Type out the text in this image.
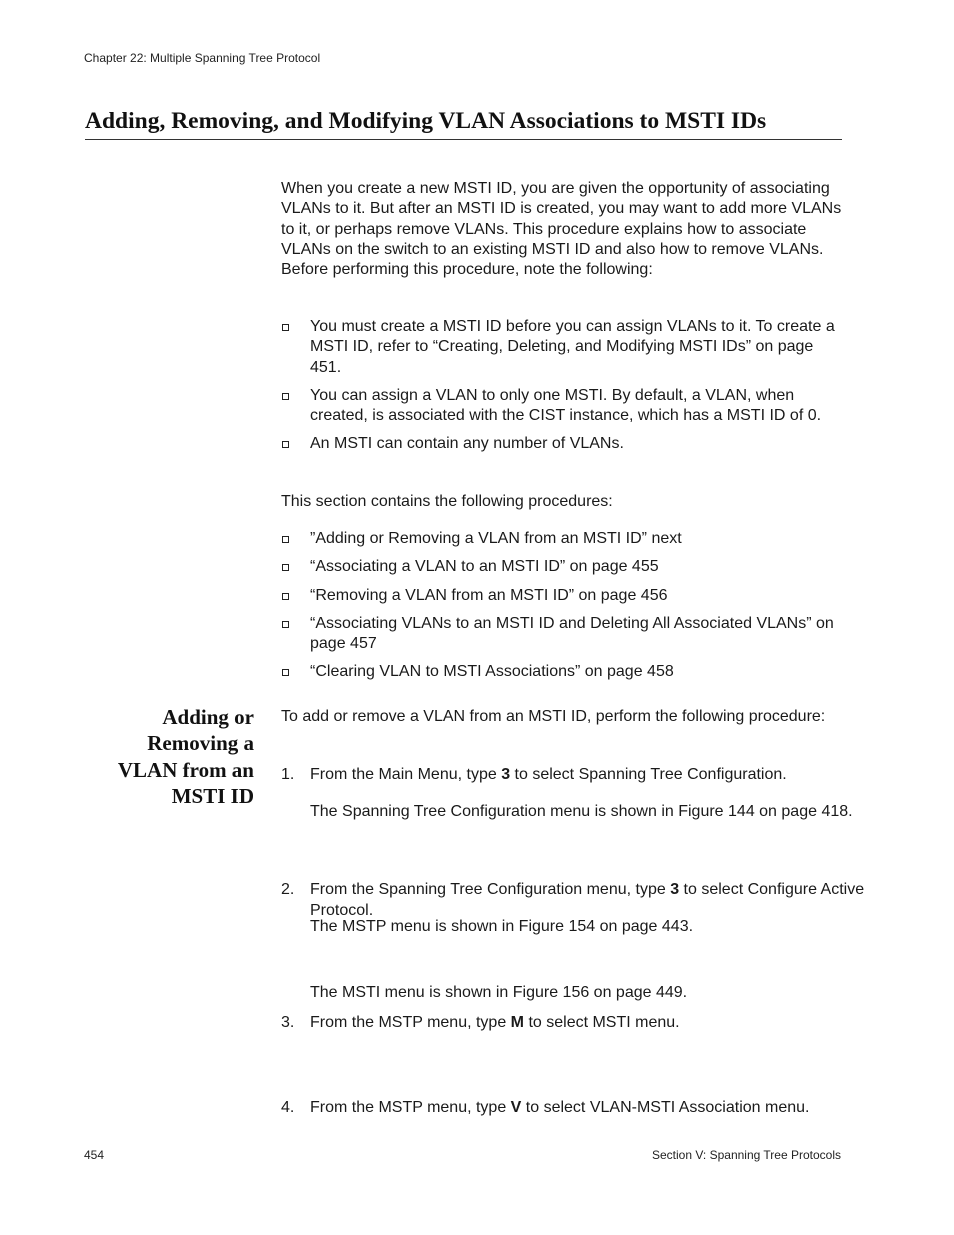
Chapter 22: Multiple Spanning Tree Protocol
Adding, Removing, and Modifying VLAN Associations to MSTI IDs

When you create a new MSTI ID, you are given the opportunity of associating VLANs to it. But after an MSTI ID is created, you may want to add more VLANs to it, or perhaps remove VLANs. This procedure explains how to associate VLANs on the switch to an existing MSTI ID and also how to remove VLANs. Before performing this procedure, note the following:

You must create a MSTI ID before you can assign VLANs to it. To create a MSTI ID, refer to “Creating, Deleting, and Modifying MSTI IDs” on page 451.
You can assign a VLAN to only one MSTI. By default, a VLAN, when created, is associated with the CIST instance, which has a MSTI ID of 0.
An MSTI can contain any number of VLANs.

This section contains the following procedures:

”Adding or Removing a VLAN from an MSTI ID” next
“Associating a VLAN to an MSTI ID” on page 455
“Removing a VLAN from an MSTI ID” on page 456
“Associating VLANs to an MSTI ID and Deleting All Associated VLANs” on page 457
“Clearing VLAN to MSTI Associations” on page 458
Adding or
Removing a
VLAN from an
MSTI ID

To add or remove a VLAN from an MSTI ID, perform the following procedure:

1. From the Main Menu, type 3 to select Spanning Tree Configuration.

The Spanning Tree Configuration menu is shown in Figure 144 on page 418.

2. From the Spanning Tree Configuration menu, type 3 to select Configure Active Protocol.

The MSTP menu is shown in Figure 154 on page 443.

3. From the MSTP menu, type M to select MSTI menu.

The MSTI menu is shown in Figure 156 on page 449.

4. From the MSTP menu, type V to select VLAN-MSTI Association menu.
454	Section V: Spanning Tree Protocols
